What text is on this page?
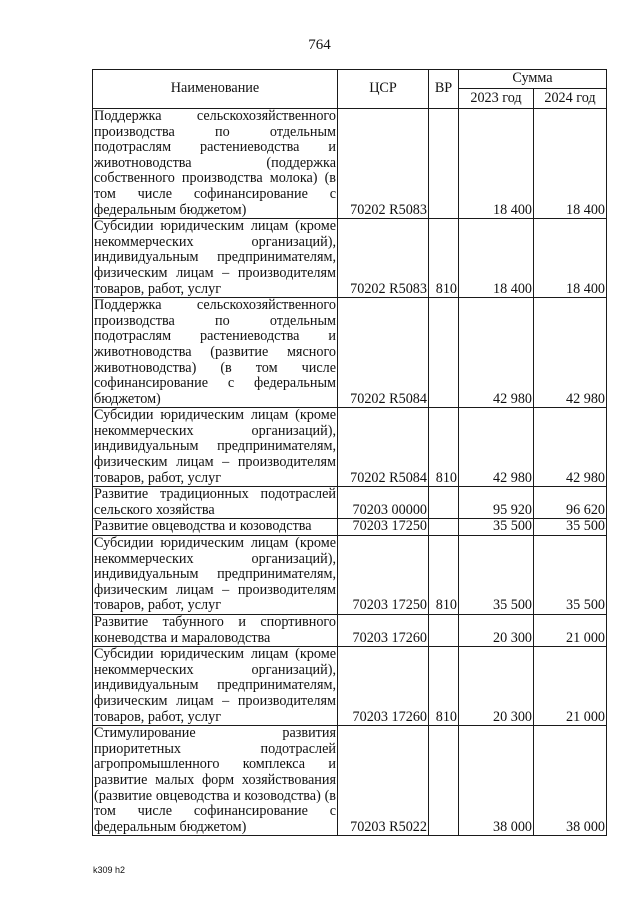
764
Наименование	ЦСР	ВР	Сумма	
			2023 год	2024 год
Поддержка сельскохозяйственного производства по отдельным подотраслям растениеводства и животноводства (поддержка собственного производства молока) (в том числе софинансирование с федеральным бюджетом)	70202 R5083		18 400	18 400
Субсидии юридическим лицам (кроме некоммерческих организаций), индивидуальным предпринимателям, физическим лицам – производителям товаров, работ, услуг	70202 R5083	810	18 400	18 400
Поддержка сельскохозяйственного производства по отдельным подотраслям растениеводства и животноводства (развитие мясного животноводства) (в том числе софинансирование с федеральным бюджетом)	70202 R5084		42 980	42 980
Субсидии юридическим лицам (кроме некоммерческих организаций), индивидуальным предпринимателям, физическим лицам – производителям товаров, работ, услуг	70202 R5084	810	42 980	42 980
Развитие традиционных подотраслей сельского хозяйства	70203 00000		95 920	96 620
Развитие овцеводства и козоводства	70203 17250		35 500	35 500
Субсидии юридическим лицам (кроме некоммерческих организаций), индивидуальным предпринимателям, физическим лицам – производителям товаров, работ, услуг	70203 17250	810	35 500	35 500
Развитие табунного и спортивного коневодства и мараловодства	70203 17260		20 300	21 000
Субсидии юридическим лицам (кроме некоммерческих организаций), индивидуальным предпринимателям, физическим лицам – производителям товаров, работ, услуг	70203 17260	810	20 300	21 000
Стимулирование развития приоритетных подотраслей агропромышленного комплекса и развитие малых форм хозяйствования (развитие овцеводства и козоводства) (в том числе софинансирование с федеральным бюджетом)	70203 R5022		38 000	38 000
k309 h2
